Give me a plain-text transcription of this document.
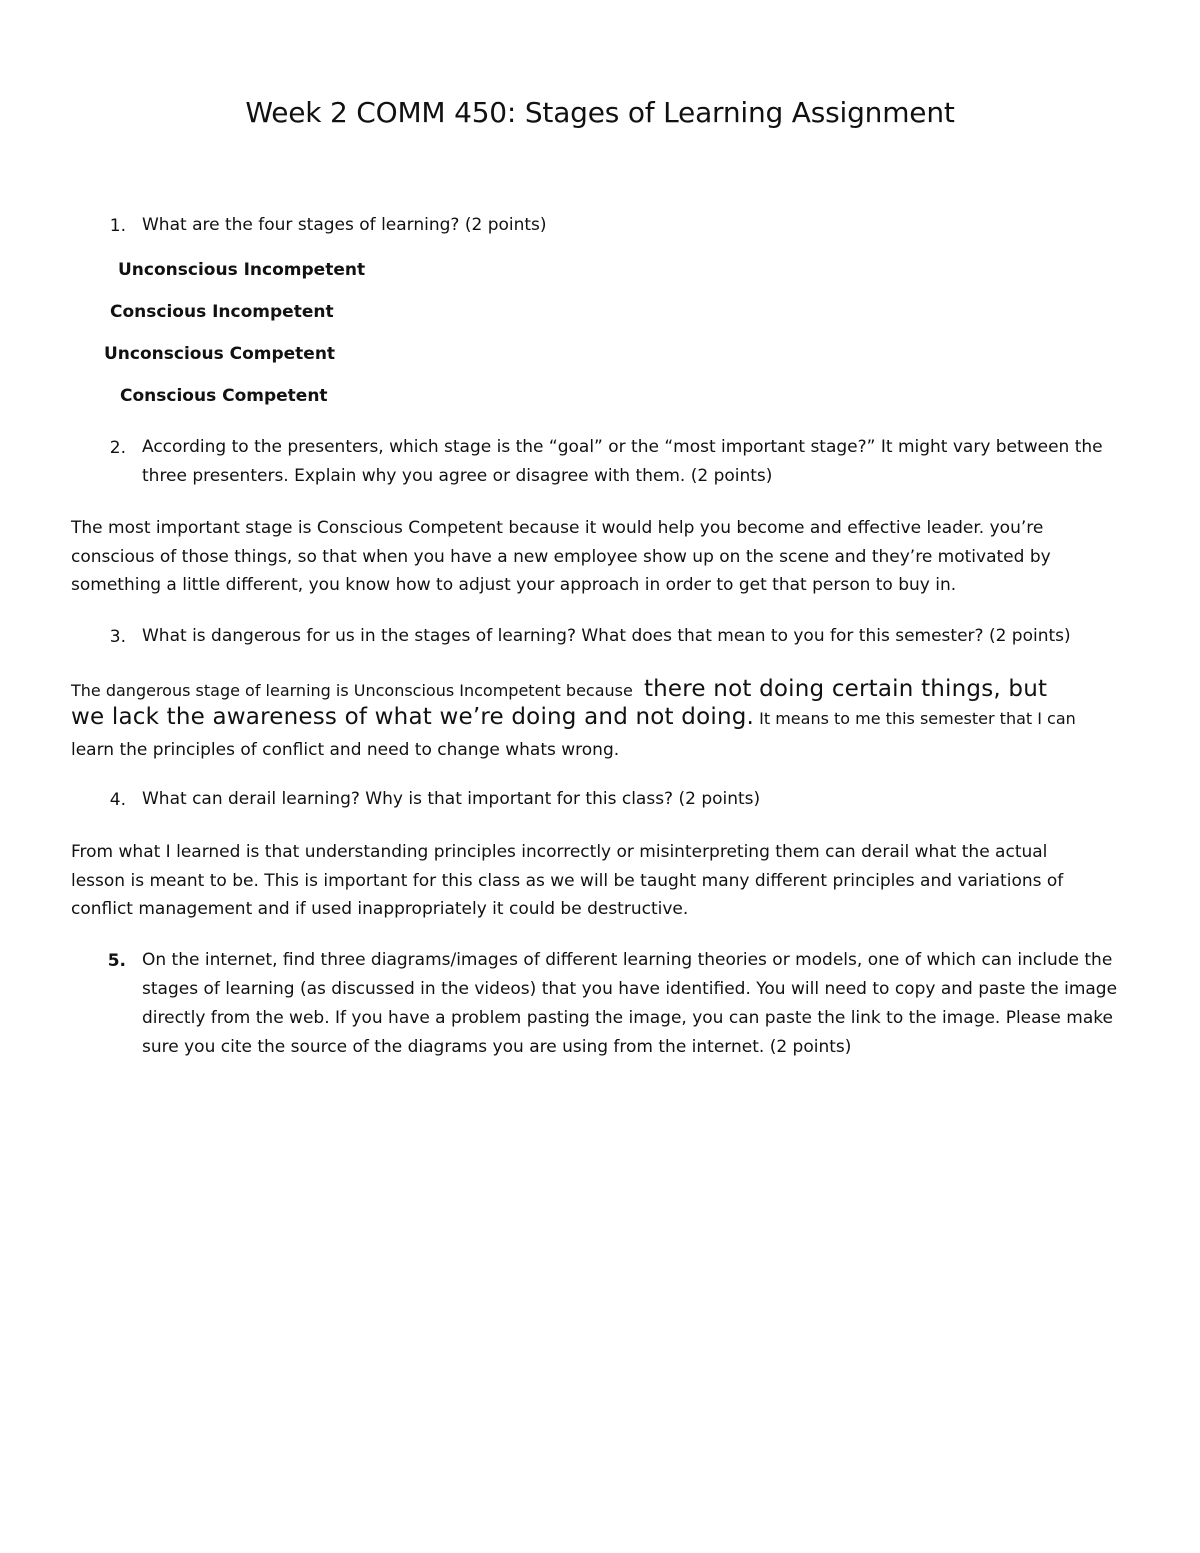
Week 2 COMM 450: Stages of Learning Assignment
1. What are the four stages of learning? (2 points)
Unconscious Incompetent
Conscious Incompetent
Unconscious Competent
Conscious Competent
2. According to the presenters, which stage is the “goal” or the “most important stage?” It might vary between the three presenters. Explain why you agree or disagree with them. (2 points)
The most important stage is Conscious Competent because it would help you become and effective leader. you’re conscious of those things, so that when you have a new employee show up on the scene and they’re motivated by something a little different, you know how to adjust your approach in order to get that person to buy in.
3. What is dangerous for us in the stages of learning? What does that mean to you for this semester? (2 points)
The dangerous stage of learning is Unconscious Incompetent because there not doing certain things, but
we lack the awareness of what we’re doing and not doing. It means to me this semester that I can
learn the principles of conflict and need to change whats wrong.
4. What can derail learning? Why is that important for this class? (2 points)
From what I learned is that understanding principles incorrectly or misinterpreting them can derail what the actual lesson is meant to be. This is important for this class as we will be taught many different principles and variations of conflict management and if used inappropriately it could be destructive.
5. On the internet, find three diagrams/images of different learning theories or models, one of which can include the stages of learning (as discussed in the videos) that you have identified. You will need to copy and paste the image directly from the web. If you have a problem pasting the image, you can paste the link to the image. Please make sure you cite the source of the diagrams you are using from the internet. (2 points)
